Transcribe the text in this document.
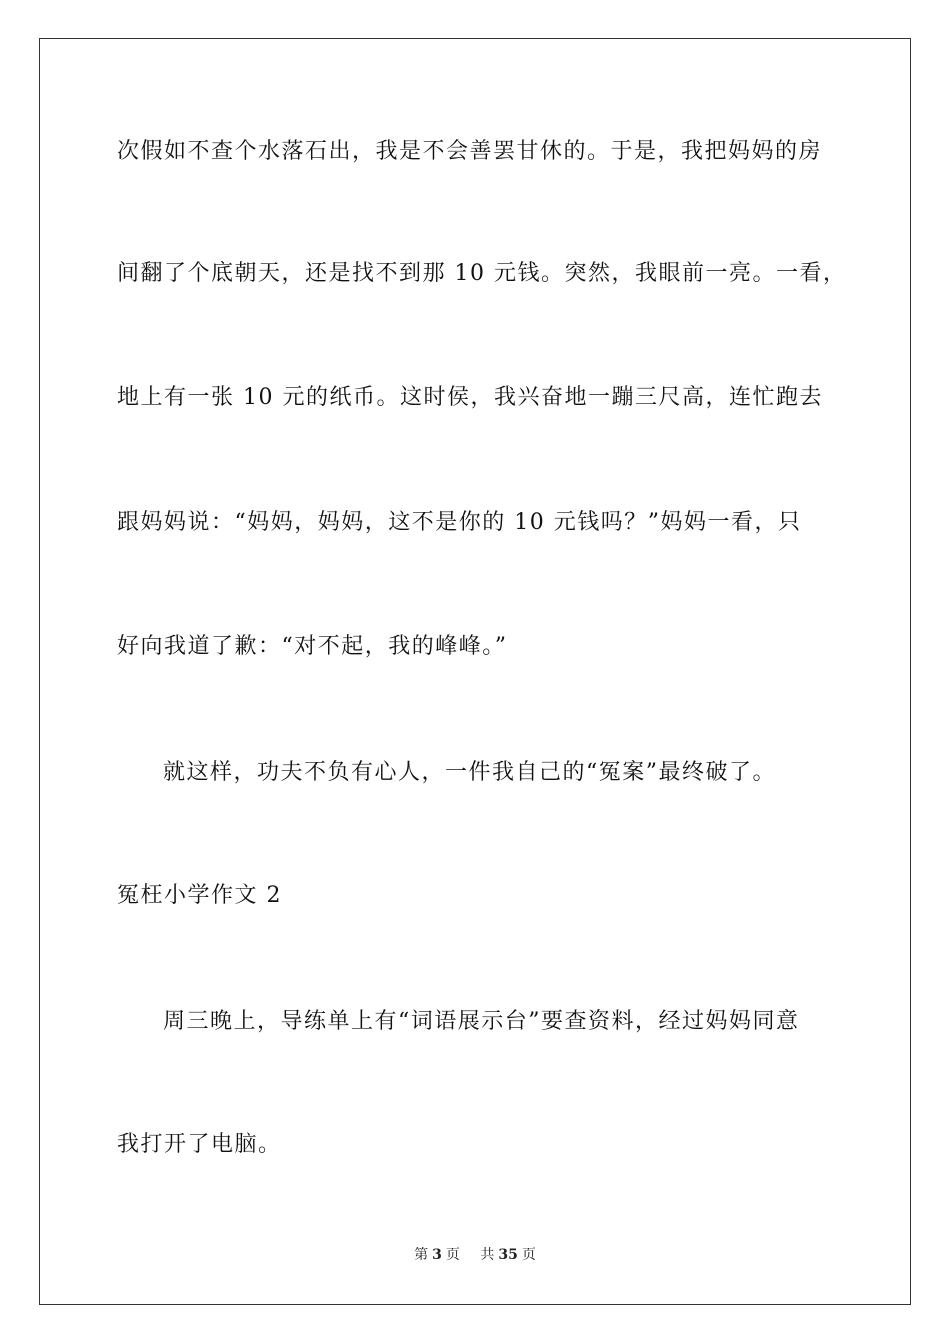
次假如不查个水落石出，我是不会善罢甘休的。于是，我把妈妈的房
间翻了个底朝天，还是找不到那 10 元钱。突然，我眼前一亮。一看，
地上有一张 10 元的纸币。这时侯，我兴奋地一蹦三尺高，连忙跑去
跟妈妈说：“妈妈，妈妈，这不是你的 10 元钱吗？”妈妈一看，只
好向我道了歉：“对不起，我的峰峰。”
就这样，功夫不负有心人，一件我自己的“冤案”最终破了。
冤枉小学作文 2
周三晚上，导练单上有“词语展示台”要查资料，经过妈妈同意
我打开了电脑。
第 3 页 共 35 页
